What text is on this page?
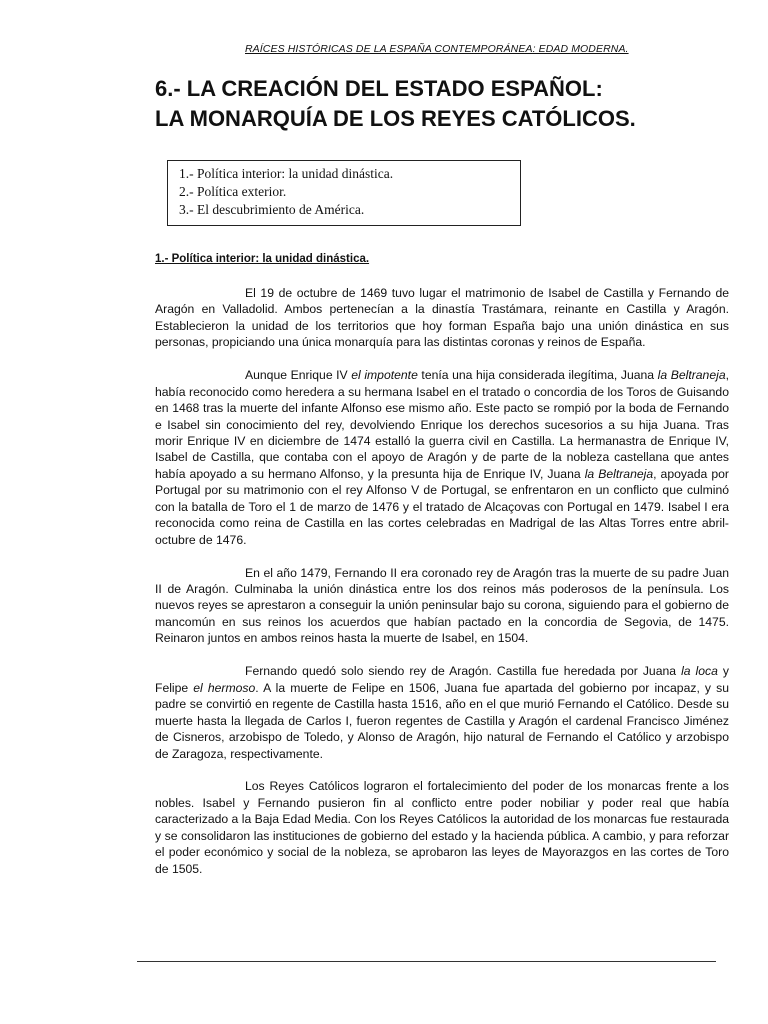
RAÍCES HISTÓRICAS DE LA ESPAÑA CONTEMPORÁNEA: EDAD MODERNA.
6.- LA CREACIÓN DEL ESTADO ESPAÑOL:
LA MONARQUÍA DE LOS REYES CATÓLICOS.
1.- Política interior: la unidad dinástica.
2.- Política exterior.
3.- El descubrimiento de América.
1.- Política interior: la unidad dinástica.

El 19 de octubre de 1469 tuvo lugar el matrimonio de Isabel de Castilla y Fernando de Aragón en Valladolid. Ambos pertenecían a la dinastía Trastámara, reinante en Castilla y Aragón. Establecieron la unidad de los territorios que hoy forman España bajo una unión dinástica en sus personas, propiciando una única monarquía para las distintas coronas y reinos de España.

Aunque Enrique IV el impotente tenía una hija considerada ilegítima, Juana la Beltraneja, había reconocido como heredera a su hermana Isabel en el tratado o concordia de los Toros de Guisando en 1468 tras la muerte del infante Alfonso ese mismo año. Este pacto se rompió por la boda de Fernando e Isabel sin conocimiento del rey, devolviendo Enrique los derechos sucesorios a su hija Juana. Tras morir Enrique IV en diciembre de 1474 estalló la guerra civil en Castilla. La hermanastra de Enrique IV, Isabel de Castilla, que contaba con el apoyo de Aragón y de parte de la nobleza castellana que antes había apoyado a su hermano Alfonso, y la presunta hija de Enrique IV, Juana la Beltraneja, apoyada por Portugal por su matrimonio con el rey Alfonso V de Portugal, se enfrentaron en un conflicto que culminó con la batalla de Toro el 1 de marzo de 1476 y el tratado de Alcaçovas con Portugal en 1479. Isabel I era reconocida como reina de Castilla en las cortes celebradas en Madrigal de las Altas Torres entre abril-octubre de 1476.

En el año 1479, Fernando II era coronado rey de Aragón tras la muerte de su padre Juan II de Aragón. Culminaba la unión dinástica entre los dos reinos más poderosos de la península. Los nuevos reyes se aprestaron a conseguir la unión peninsular bajo su corona, siguiendo para el gobierno de mancomún en sus reinos los acuerdos que habían pactado en la concordia de Segovia, de 1475. Reinaron juntos en ambos reinos hasta la muerte de Isabel, en 1504.

Fernando quedó solo siendo rey de Aragón. Castilla fue heredada por Juana la loca y Felipe el hermoso. A la muerte de Felipe en 1506, Juana fue apartada del gobierno por incapaz, y su padre se convirtió en regente de Castilla hasta 1516, año en el que murió Fernando el Católico. Desde su muerte hasta la llegada de Carlos I, fueron regentes de Castilla y Aragón el cardenal Francisco Jiménez de Cisneros, arzobispo de Toledo, y Alonso de Aragón, hijo natural de Fernando el Católico y arzobispo de Zaragoza, respectivamente.

Los Reyes Católicos lograron el fortalecimiento del poder de los monarcas frente a los nobles. Isabel y Fernando pusieron fin al conflicto entre poder nobiliar y poder real que había caracterizado a la Baja Edad Media. Con los Reyes Católicos la autoridad de los monarcas fue restaurada y se consolidaron las instituciones de gobierno del estado y la hacienda pública. A cambio, y para reforzar el poder económico y social de la nobleza, se aprobaron las leyes de Mayorazgos en las cortes de Toro de 1505.
